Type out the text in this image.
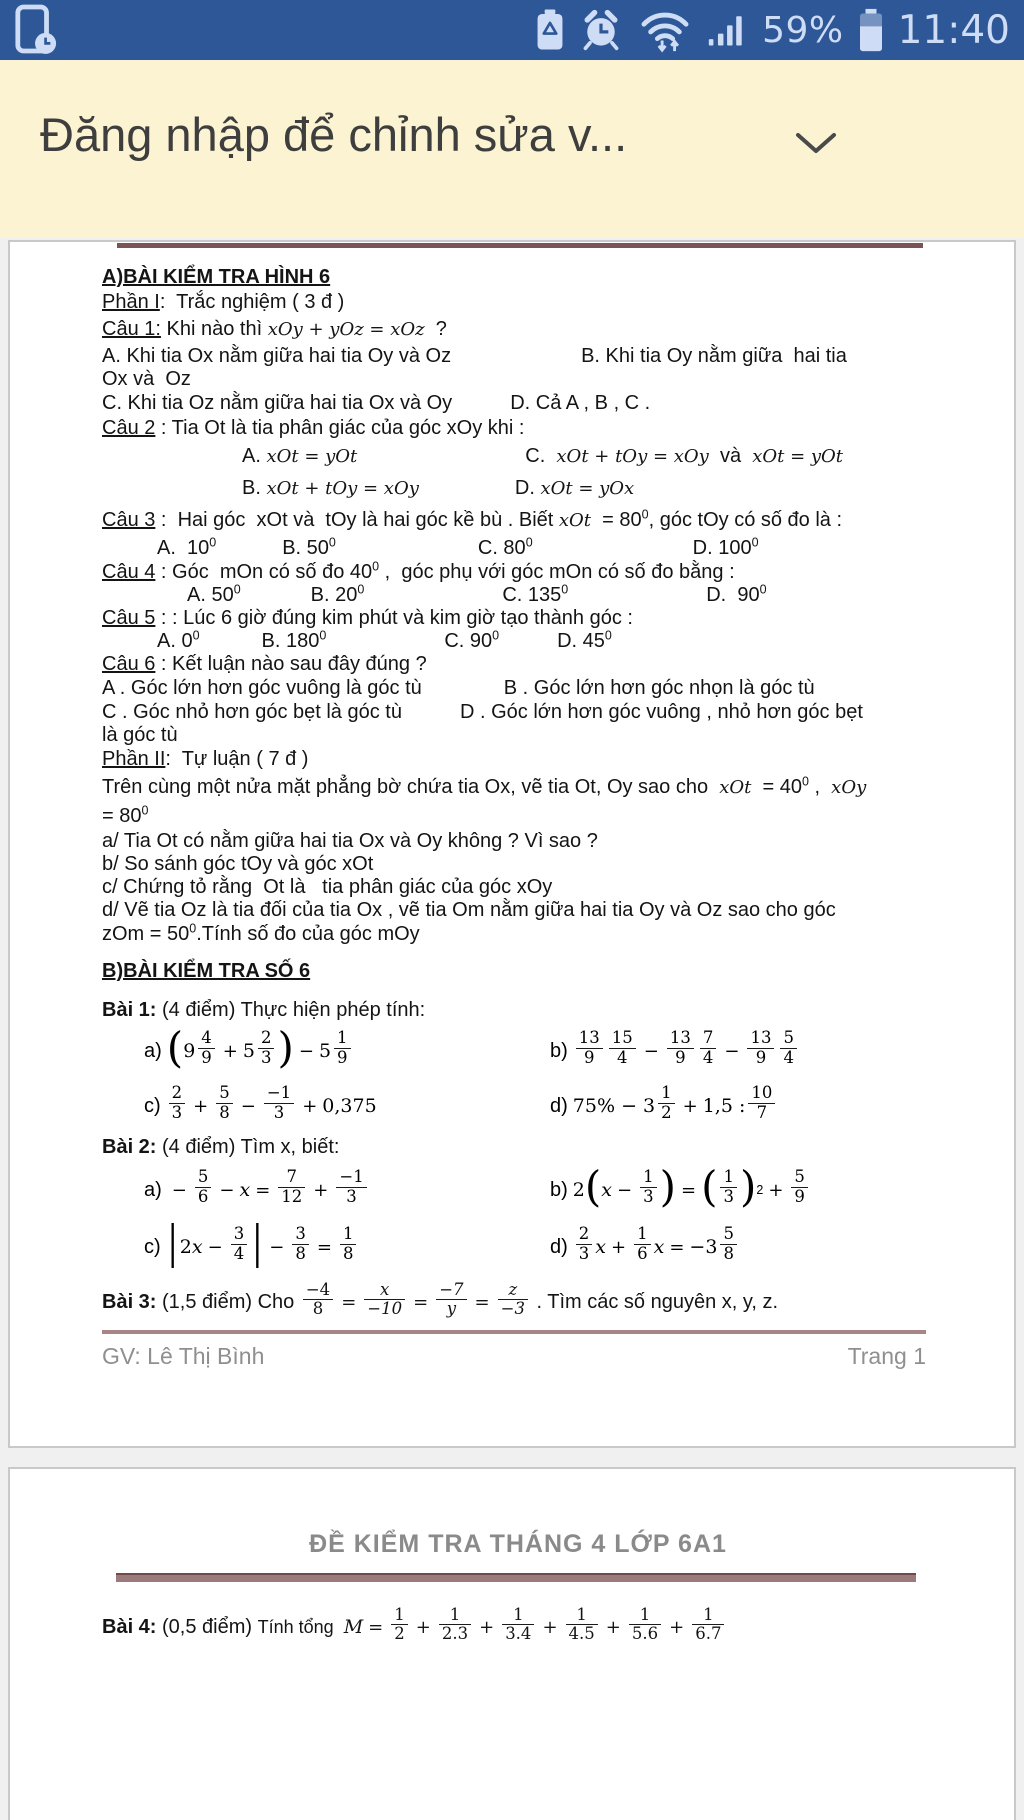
59% 11:40
Đăng nhập để chỉnh sửa v...
A)BÀI KIỂM TRA HÌNH 6
Phần I:  Trắc nghiệm ( 3 đ )
Câu 1: Khi nào thì xOy + yOz = xOz  ?
A. Khi tia Ox nằm giữa hai tia Oy và Oz	B. Khi tia Oy nằm giữa  hai tia
Ox và  Oz
C. Khi tia Oz nằm giữa hai tia Ox và Oy	D. Cả A , B , C .
Câu 2 : Tia Ot là tia phân giác của góc xOy khi :
A. xOt = yOt	C.  xOt + tOy = xOy  và  xOt = yOt
B. xOt + tOy = xOy	D. xOt = yOx
Câu 3 :  Hai góc  xOt và  tOy là hai góc kề bù . Biết xOt  = $80^0$, góc tOy có số đo là :
A.  $10^0$	B. $50^0$	C. $80^0$	D. $100^0$
Câu 4 : Góc  mOn có số đo $40^0$ ,  góc phụ với góc mOn có số đo bằng :
A. $50^0$	B. $20^0$	C. $135^0$	D.  $90^0$
Câu 5 : : Lúc 6 giờ đúng kim phút và kim giờ tạo thành góc :
A. $0^0$	B. $180^0$	C. $90^0$	D. $45^0$
Câu 6 : Kết luận nào sau đây đúng ?
A . Góc lớn hơn góc vuông là góc tù	B . Góc lớn hơn góc nhọn là góc tù
C . Góc nhỏ hơn góc bẹt là góc tù	D . Góc lớn hơn góc vuông , nhỏ hơn góc bẹt
là góc tù
Phần II:  Tự luận ( 7 đ )
Trên cùng một nửa mặt phẳng bờ chứa tia Ox, vẽ tia Ot, Oy sao cho  xOt  = $40^0$ ,  xOy
= $80^0$
a/ Tia Ot có nằm giữa hai tia Ox và Oy không ? Vì sao ?
b/ So sánh góc tOy và góc xOt
c/ Chứng tỏ rằng  Ot là   tia phân giác của góc xOy
d/ Vẽ tia Oz là tia đối của tia Ox , vẽ tia Om nằm giữa hai tia Oy và Oz sao cho góc
zOm = $50^0.Tính$ số đo của góc mOy
B)BÀI KIỂM TRA SỐ 6
Bài 1: (4 điểm) Thực hiện phép tính:
a) ( $9 \frac{4}{9} + 5 \frac{2}{3}$ ) − $5 \frac{1}{9}$	$b) \frac{13}{9} \frac{15}{4} - \frac{13}{9} \frac{7}{4} - \frac{13}{9} \frac{5}{4}$
$c) \frac{2}{3} + \frac{5}{8} - \frac{-1}{3} + 0,375$	d) $75\% - 3 \frac{1}{2} + 1,5$ : $\frac{10}{7}$
Bài 2: (4 điểm) Tìm x, biết:
$a) - \frac{5}{6} - x = \frac{7}{12} + \frac{-1}{3}$	b) 2 ( $x - \frac{1}{3}$ ) = ( $\frac{1}{3}$ ) $2 + \frac{5}{9}$
c) | 2 $x - \frac{3}{4}$ | − $\frac{3}{8} = \frac{1}{8}$	$d) \frac{2}{3}$ $x + \frac{1}{6}$ $x = -3 \frac{5}{8}$
Bài 3: (1,5 điểm) Cho $\frac{-4}{8} = \frac{x}{-10} = \frac{-7}{y} = \frac{z}{-3}$ . Tìm các số nguyên x, y, z.
GV: Lê Thị Bình	Trang 1
ĐỀ KIỂM TRA THÁNG 4 LỚP 6A1
Bài 4: (0,5 điểm) Tính tổng  $M = \frac{1}{2} + \frac{1}{2.3} + \frac{1}{3.4} + \frac{1}{4.5} + \frac{1}{5.6} + \frac{1}{6.7}$
